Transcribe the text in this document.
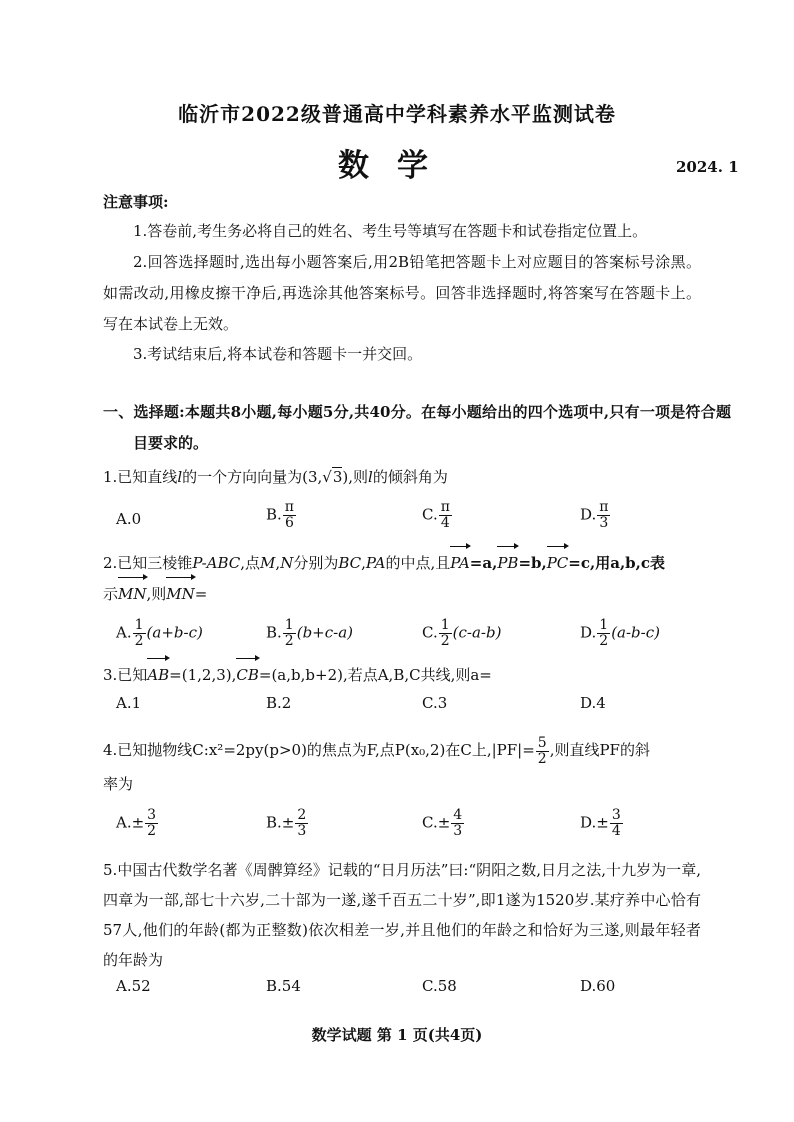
临沂市2022级普通高中学科素养水平监测试卷
数学	2024. 1
注意事项:
1.答卷前,考生务必将自己的姓名、考生号等填写在答题卡和试卷指定位置上。
2.回答选择题时,选出每小题答案后,用2B铅笔把答题卡上对应题目的答案标号涂黑。如需改动,用橡皮擦干净后,再选涂其他答案标号。回答非选择题时,将答案写在答题卡上。写在本试卷上无效。
3.考试结束后,将本试卷和答题卡一并交回。
一、选择题:本题共8小题,每小题5分,共40分。在每小题给出的四个选项中,只有一项是符合题目要求的。
1.已知直线l的一个方向向量为(3,√3),则l的倾斜角为
A.0	B. $\frac{\pi}{6}$	C. $\frac{\pi}{4}$	D. $\frac{\pi}{3}$
2.已知三棱锥P-ABC,点M,N分别为BC,PA的中点,且PA=a,PB=b,PC=c,用a,b,c表
示MN,则MN=
A. $\frac{1}{2} (a+b-c)$	B. $\frac{1}{2} (b+c-a)$	C. $\frac{1}{2} (c-a-b)$	D. $\frac{1}{2} (a-b-c)$
3.已知AB=(1,2,3),CB=(a,b,b+2),若点A,B,C共线,则a=
A.1	B.2	C.3	D.4
4.已知抛物线C:x²=2py(p>0)的焦点为F,点P(x₀,2)在C上$,|PF|= \frac{5}{2}$ ,则直线PF的斜
率为
$A.\pm \frac{3}{2}$	$B.\pm \frac{2}{3}$	$C.\pm \frac{4}{3}$	$D.\pm \frac{3}{4}$
5.中国古代数学名著《周髀算经》记载的“日月历法”曰:“阴阳之数,日月之法,十九岁为一章,四章为一部,部七十六岁,二十部为一遂,遂千百五二十岁”,即1遂为1520岁.某疗养中心恰有57人,他们的年龄(都为正整数)依次相差一岁,并且他们的年龄之和恰好为三遂,则最年轻者的年龄为
A.52	B.54	C.58	D.60
数学试题 第 1 页(共4页)
